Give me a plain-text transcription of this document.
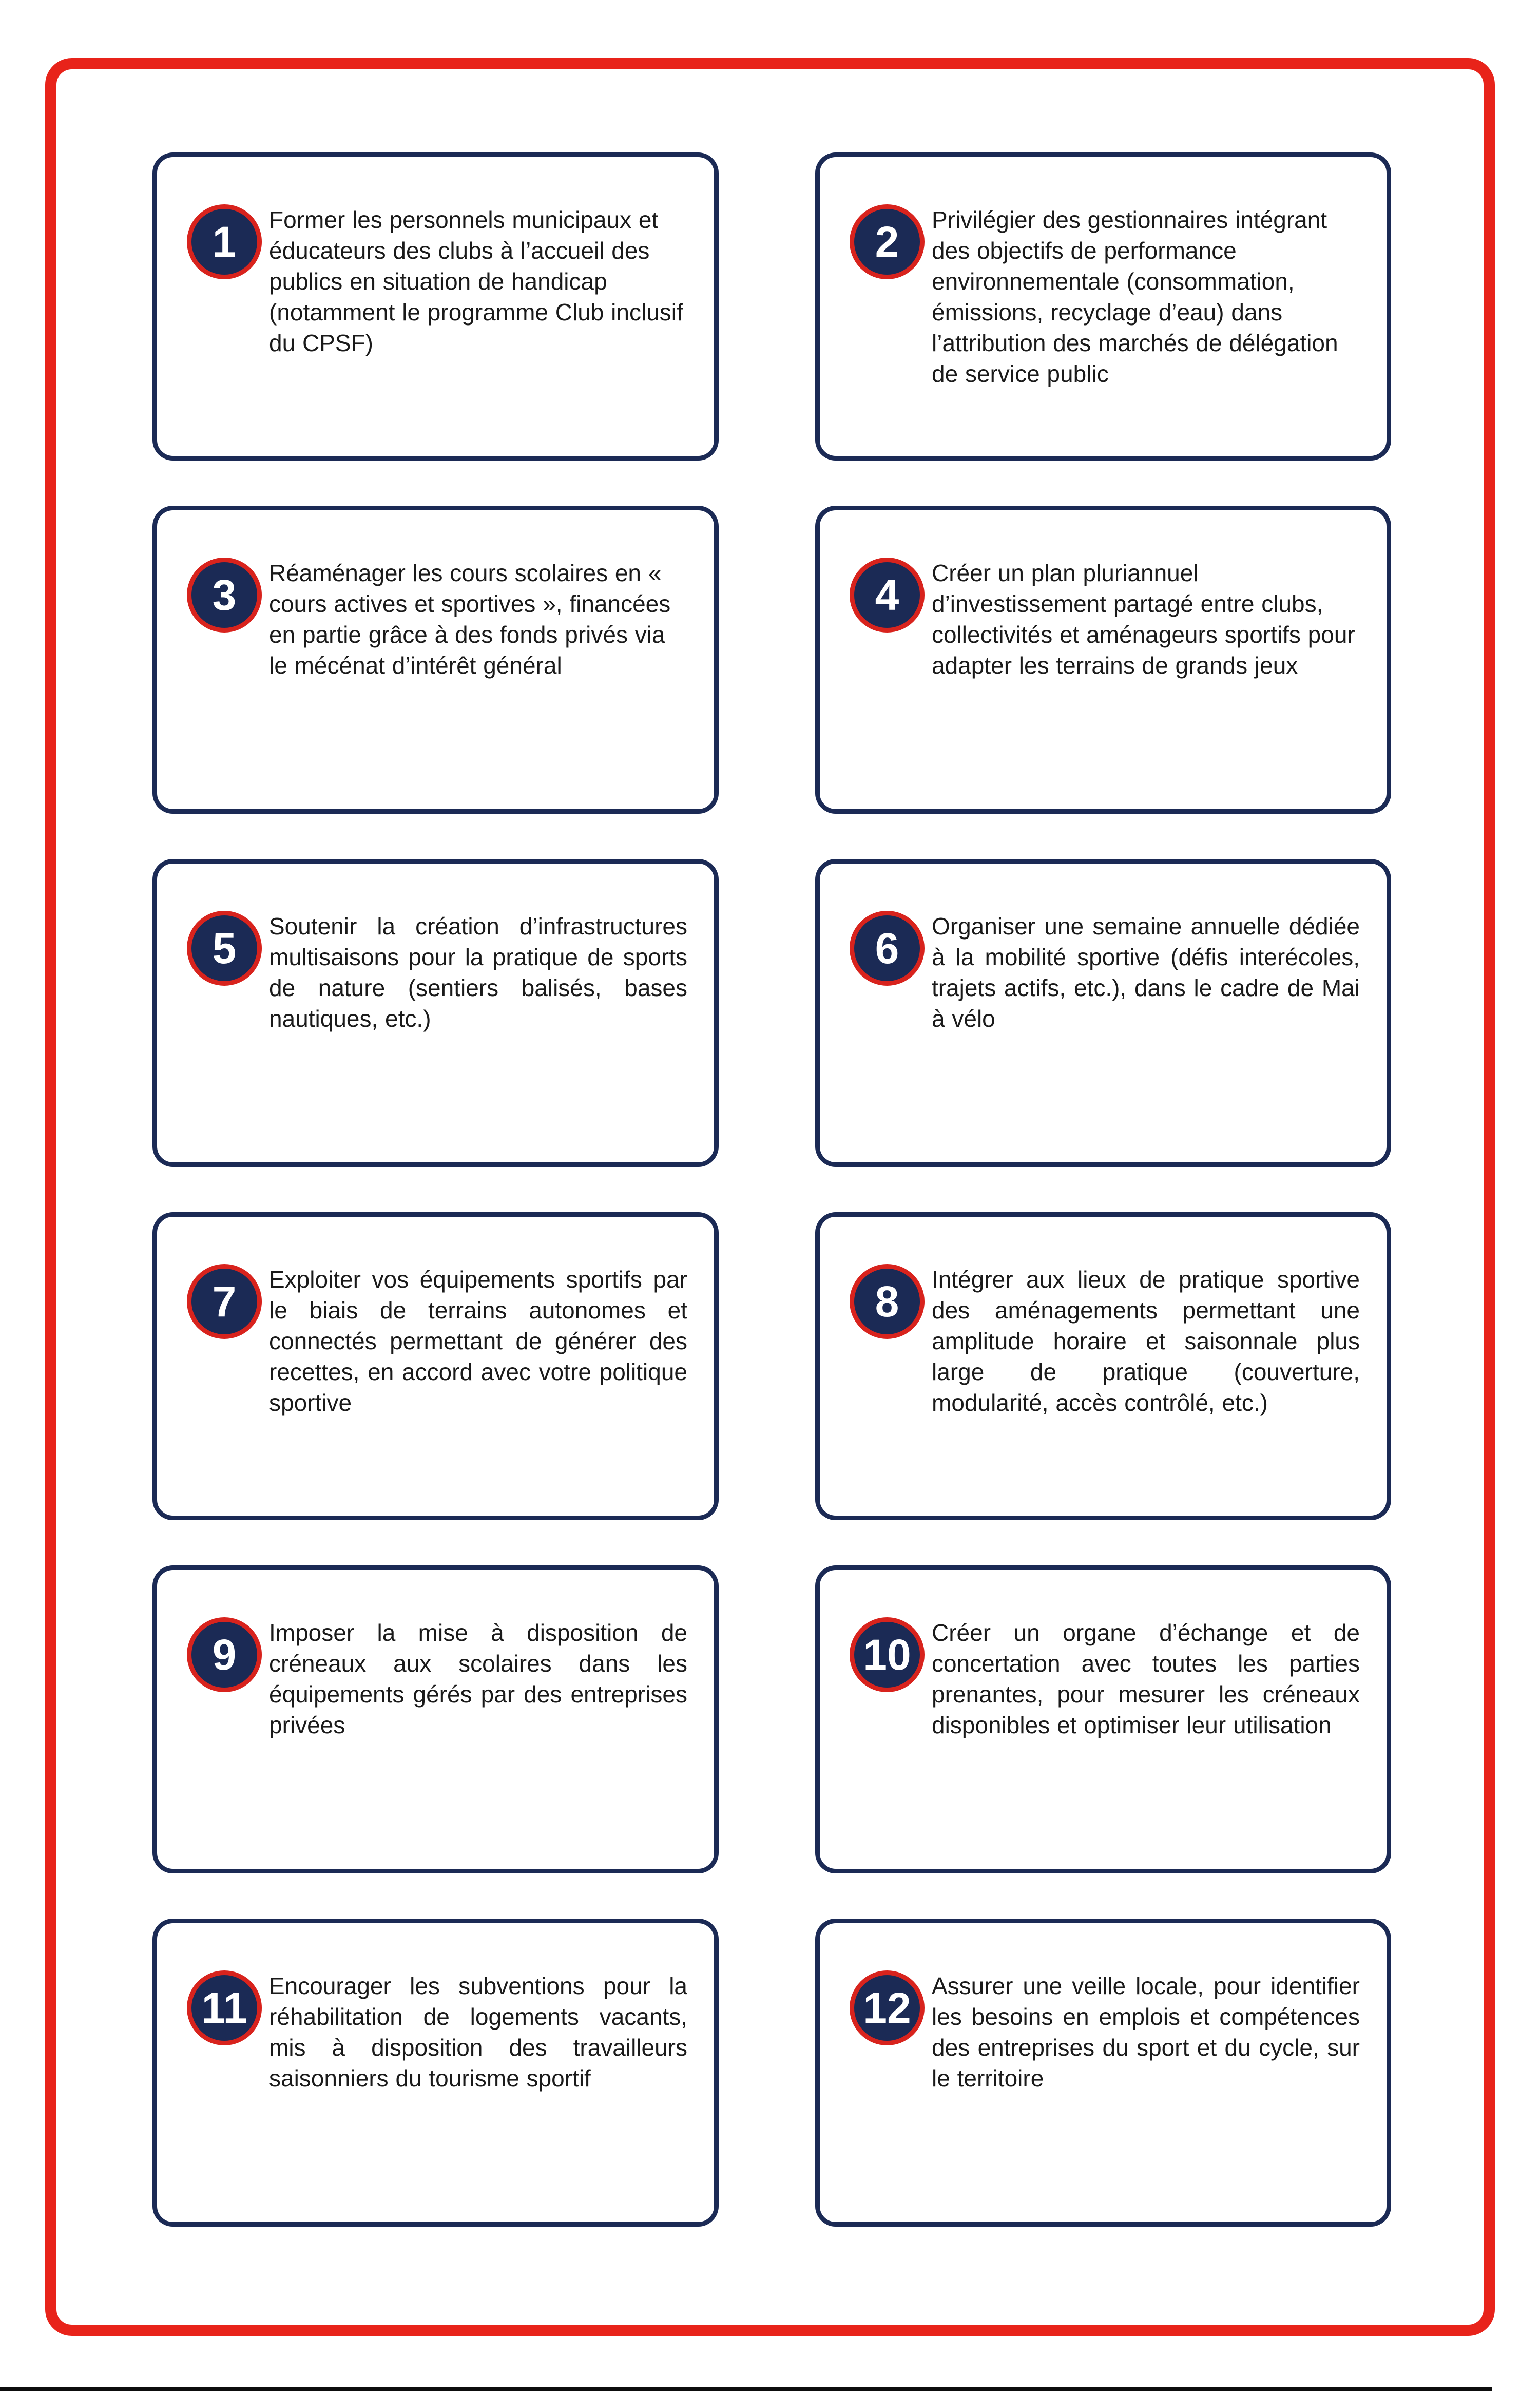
1 Former les personnels municipaux et éducateurs des clubs à l’accueil des publics en situation de handicap (notamment le programme Club inclusif du CPSF)
2 Privilégier des gestionnaires intégrant des objectifs de performance environnementale (consommation, émissions, recyclage d’eau) dans l’attribution des marchés de délégation de service public
3 Réaménager les cours scolaires en « cours actives et sportives », financées en partie grâce à des fonds privés via le mécénat d’intérêt général
4 Créer un plan pluriannuel d’investissement partagé entre clubs, collectivités et aménageurs sportifs pour adapter les terrains de grands jeux
5 Soutenir la création d’infrastructures multisaisons pour la pratique de sports de nature (sentiers balisés, bases nautiques, etc.)
6 Organiser une semaine annuelle dédiée à la mobilité sportive (défis interécoles, trajets actifs, etc.), dans le cadre de Mai à vélo
7 Exploiter vos équipements sportifs par le biais de terrains autonomes et connectés permettant de générer des recettes, en accord avec votre politique sportive
8 Intégrer aux lieux de pratique sportive des aménagements permettant une amplitude horaire et saisonnale plus large de pratique (couverture, modularité, accès contrôlé, etc.)
9 Imposer la mise à disposition de créneaux aux scolaires dans les équipements gérés par des entreprises privées
10 Créer un organe d’échange et de concertation avec toutes les parties prenantes, pour mesurer les créneaux disponibles et optimiser leur utilisation
11 Encourager les subventions pour la réhabilitation de logements vacants, mis à disposition des travailleurs saisonniers du tourisme sportif
12 Assurer une veille locale, pour identifier les besoins en emplois et compétences des entreprises du sport et du cycle, sur le territoire
